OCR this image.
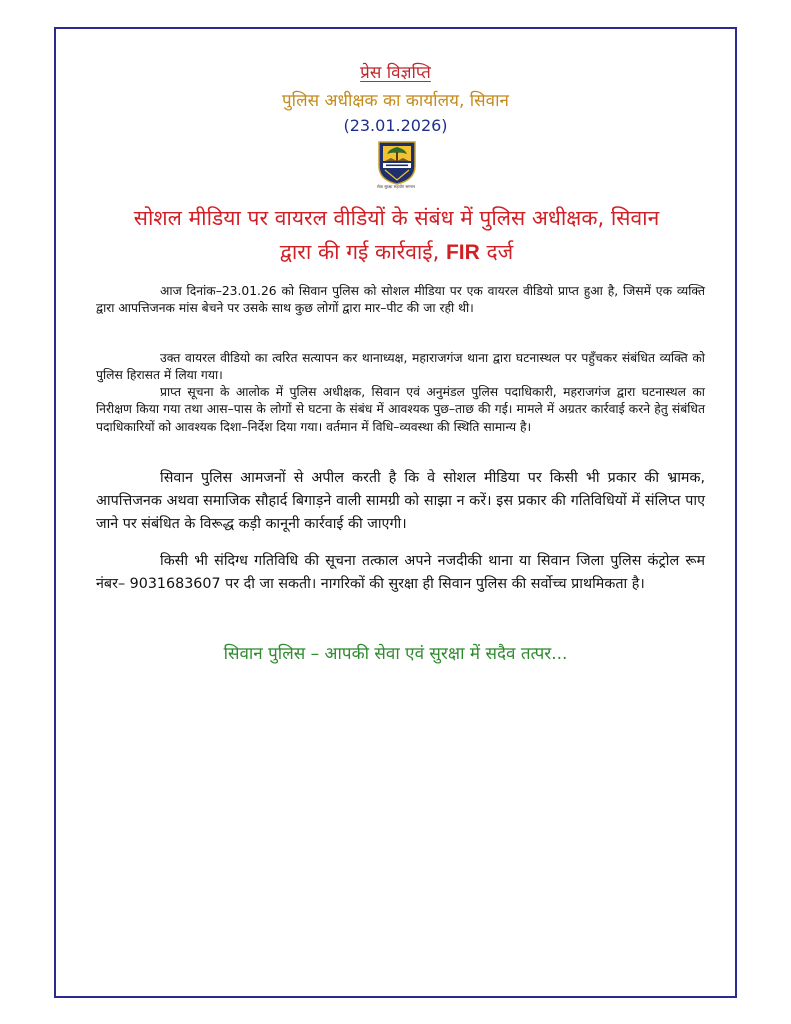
प्रेस विज्ञप्ति
पुलिस अधीक्षक का कार्यालय, सिवान
(23.01.2026)
सेवा सुरक्षा सहयोग सम्मान
सोशल मीडिया पर वायरल वीडियों के संबंध में पुलिस अधीक्षक, सिवान
द्वारा की गई कार्रवाई, FIR दर्ज
आज दिनांक–23.01.26 को सिवान पुलिस को सोशल मीडिया पर एक वायरल वीडियो प्राप्त हुआ है, जिसमें एक व्यक्ति द्वारा आपत्तिजनक मांस बेचने पर उसके साथ कुछ लोगों द्वारा मार–पीट की जा रही थी।
उक्त वायरल वीडियो का त्वरित सत्यापन कर थानाध्यक्ष, महाराजगंज थाना द्वारा घटनास्थल पर पहुँचकर संबंधित व्यक्ति को पुलिस हिरासत में लिया गया।
प्राप्त सूचना के आलोक में पुलिस अधीक्षक, सिवान एवं अनुमंडल पुलिस पदाधिकारी, महराजगंज द्वारा घटनास्थल का निरीक्षण किया गया तथा आस–पास के लोगों से घटना के संबंध में आवश्यक पुछ–ताछ की गई। मामले में अग्रतर कार्रवाई करने हेतु संबंधित पदाधिकारियों को आवश्यक दिशा–निर्देश दिया गया। वर्तमान में विधि–व्यवस्था की स्थिति सामान्य है।
सिवान पुलिस आमजनों से अपील करती है कि वे सोशल मीडिया पर किसी भी प्रकार की भ्रामक, आपत्तिजनक अथवा समाजिक सौहार्द बिगाड़ने वाली सामग्री को साझा न करें। इस प्रकार की गतिविधियों में संलिप्त पाए जाने पर संबंधित के विरूद्ध कड़ी कानूनी कार्रवाई की जाएगी।
किसी भी संदिग्ध गतिविधि की सूचना तत्काल अपने नजदीकी थाना या सिवान जिला पुलिस कंट्रोल रूम नंबर– 9031683607 पर दी जा सकती। नागरिकों की सुरक्षा ही सिवान पुलिस की सर्वोच्च प्राथमिकता है।
सिवान पुलिस – आपकी सेवा एवं सुरक्षा में सदैव तत्पर...
